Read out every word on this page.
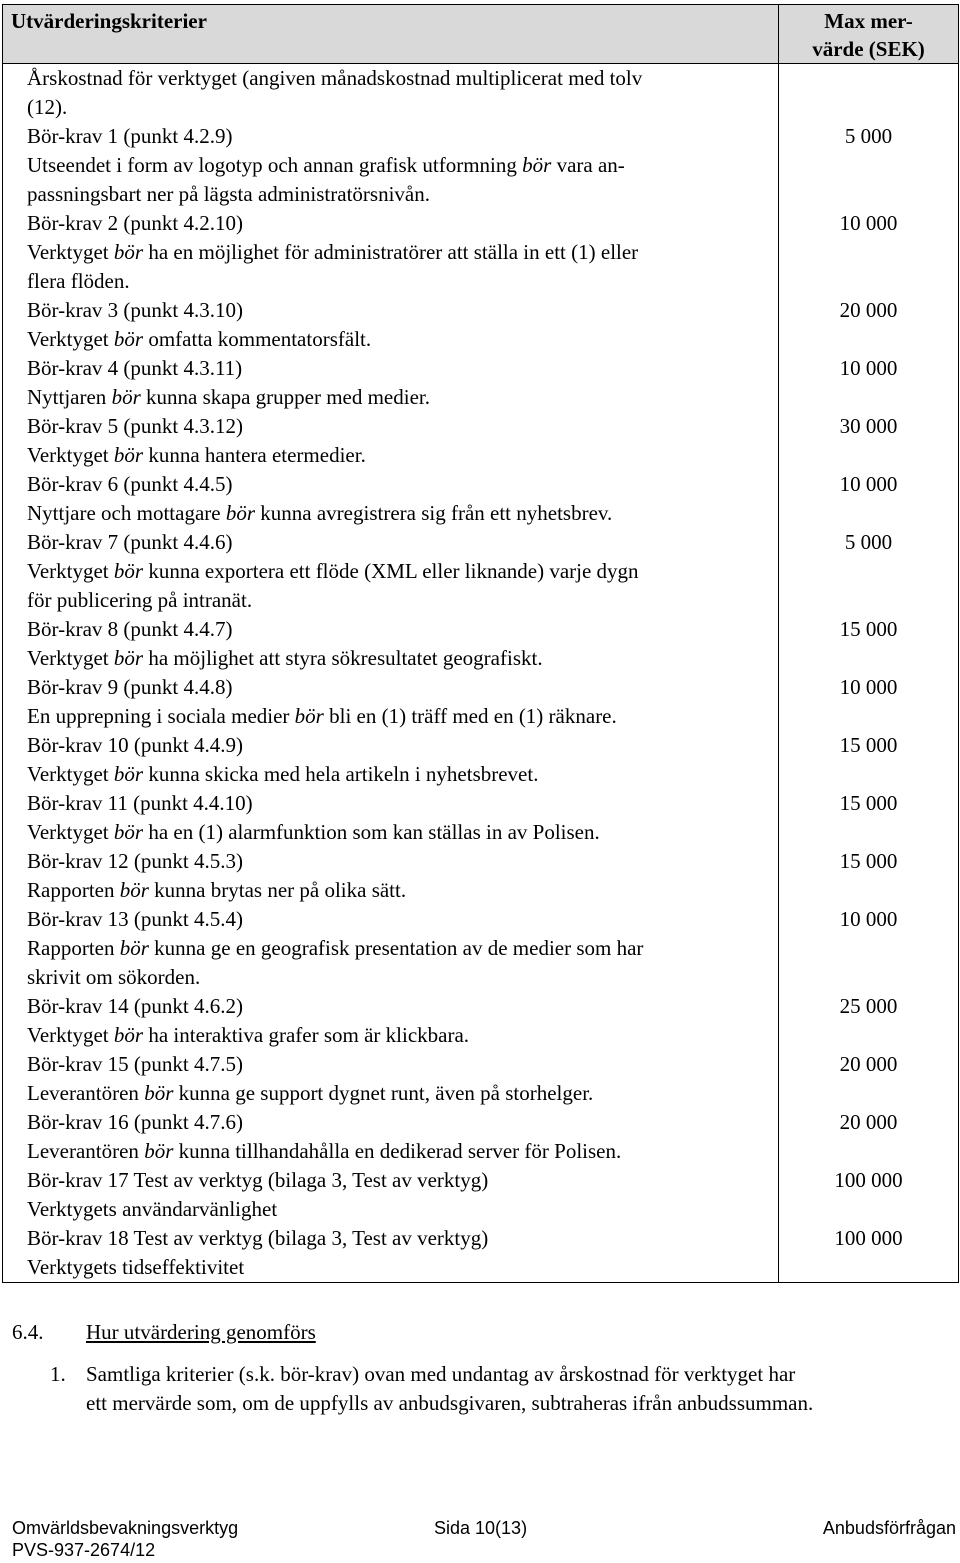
Utvärderingskriterier	Max mer-
värde (SEK)

Årskostnad för verktyget (angiven månadskostnad multiplicerat med tolv
(12).	

Bör-krav 1 (punkt 4.2.9)
Utseendet i form av logotyp och annan grafisk utformning bör vara an-
passningsbart ner på lägsta administratörsnivån.	5 000

Bör-krav 2 (punkt 4.2.10)
Verktyget bör ha en möjlighet för administratörer att ställa in ett (1) eller
flera flöden.	10 000

Bör-krav 3 (punkt 4.3.10)
Verktyget bör omfatta kommentatorsfält.	20 000

Bör-krav 4 (punkt 4.3.11)
Nyttjaren bör kunna skapa grupper med medier.	10 000

Bör-krav 5 (punkt 4.3.12)
Verktyget bör kunna hantera etermedier.	30 000

Bör-krav 6 (punkt 4.4.5)
Nyttjare och mottagare bör kunna avregistrera sig från ett nyhetsbrev.	10 000

Bör-krav 7 (punkt 4.4.6)
Verktyget bör kunna exportera ett flöde (XML eller liknande) varje dygn
för publicering på intranät.	5 000

Bör-krav 8 (punkt 4.4.7)
Verktyget bör ha möjlighet att styra sökresultatet geografiskt.	15 000

Bör-krav 9 (punkt 4.4.8)
En upprepning i sociala medier bör bli en (1) träff med en (1) räknare.	10 000

Bör-krav 10 (punkt 4.4.9)
Verktyget bör kunna skicka med hela artikeln i nyhetsbrevet.	15 000

Bör-krav 11 (punkt 4.4.10)
Verktyget bör ha en (1) alarmfunktion som kan ställas in av Polisen.	15 000

Bör-krav 12 (punkt 4.5.3)
Rapporten bör kunna brytas ner på olika sätt.	15 000

Bör-krav 13 (punkt 4.5.4)
Rapporten bör kunna ge en geografisk presentation av de medier som har
skrivit om sökorden.	10 000

Bör-krav 14 (punkt 4.6.2)
Verktyget bör ha interaktiva grafer som är klickbara.	25 000

Bör-krav 15 (punkt 4.7.5)
Leverantören bör kunna ge support dygnet runt, även på storhelger.	20 000

Bör-krav 16 (punkt 4.7.6)
Leverantören bör kunna tillhandahålla en dedikerad server för Polisen.	20 000

Bör-krav 17 Test av verktyg (bilaga 3, Test av verktyg)
Verktygets användarvänlighet	100 000

Bör-krav 18 Test av verktyg (bilaga 3, Test av verktyg)
Verktygets tidseffektivitet	100 000
6.4. Hur utvärdering genomförs
1. Samtliga kriterier (s.k. bör-krav) ovan med undantag av årskostnad för verktyget har
ett mervärde som, om de uppfylls av anbudsgivaren, subtraheras ifrån anbudssumman.
Omvärldsbevakningsverktyg	Sida 10(13)	Anbudsförfrågan
PVS-937-2674/12
